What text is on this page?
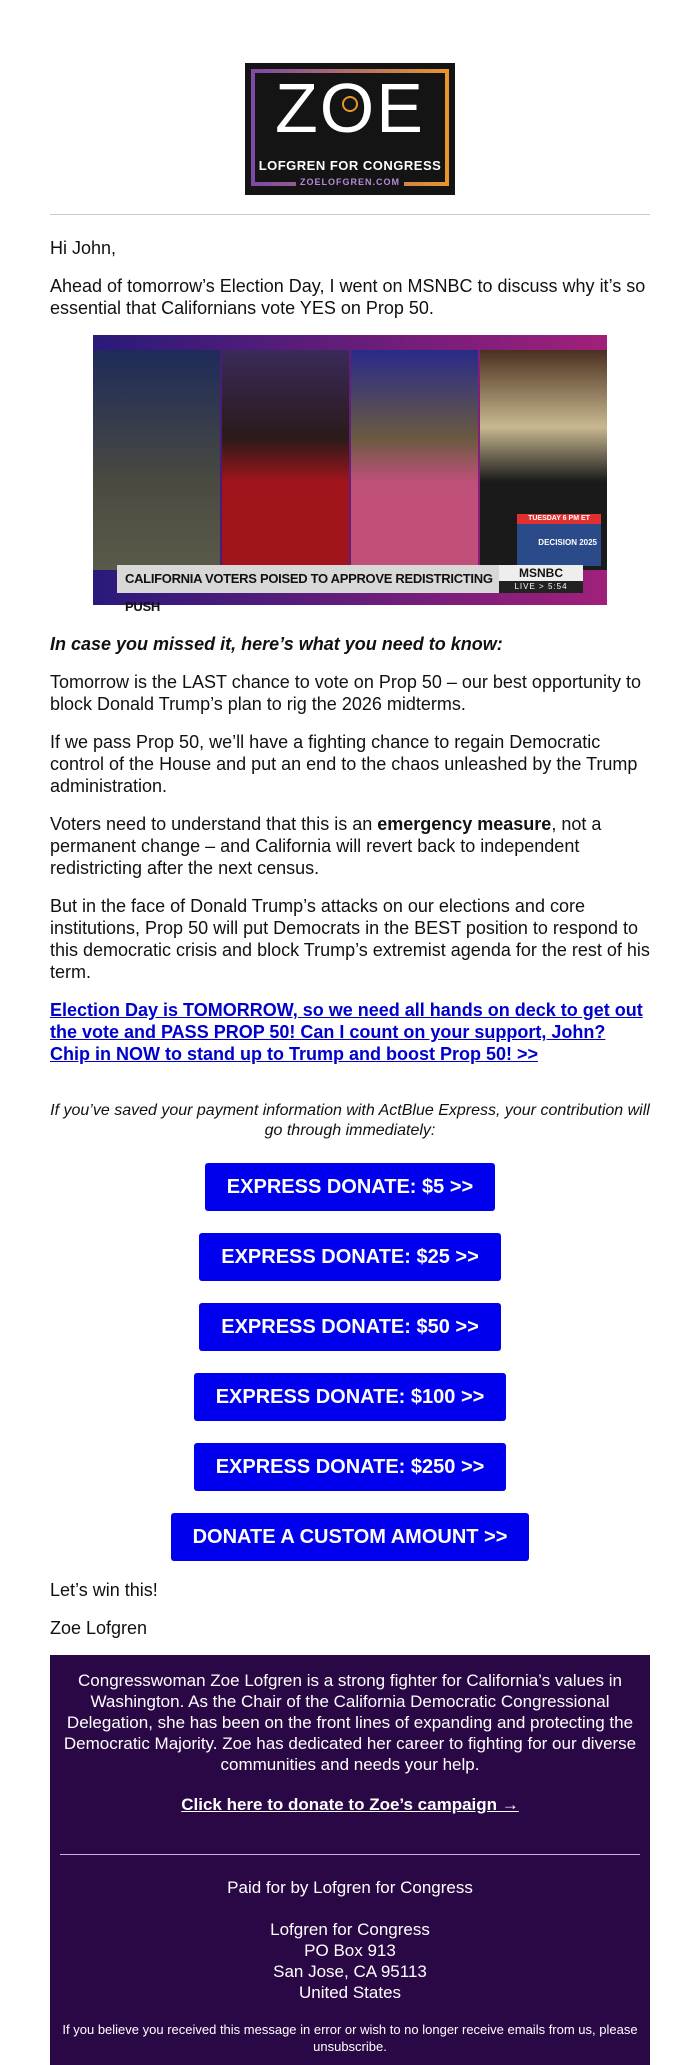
ZOE
LOFGREN FOR CONGRESS
ZOELOFGREN.COM

Hi John,

Ahead of tomorrow’s Election Day, I went on MSNBC to discuss why it’s so essential that Californians vote YES on Prop 50.

TUESDAY 6 PM ET
DECISION 2025
CALIFORNIA VOTERS POISED TO APPROVE REDISTRICTING PUSH
MSNBC
LIVE > 5:54
In case you missed it, here’s what you need to know:

Tomorrow is the LAST chance to vote on Prop 50 – our best opportunity to block Donald Trump’s plan to rig the 2026 midterms.

If we pass Prop 50, we’ll have a fighting chance to regain Democratic control of the House and put an end to the chaos unleashed by the Trump administration.

Voters need to understand that this is an emergency measure, not a permanent change – and California will revert back to independent redistricting after the next census.

But in the face of Donald Trump’s attacks on our elections and core institutions, Prop 50 will put Democrats in the BEST position to respond to this democratic crisis and block Trump’s extremist agenda for the rest of his term.

Election Day is TOMORROW, so we need all hands on deck to get out the vote and PASS PROP 50! Can I count on your support, John? Chip in NOW to stand up to Trump and boost Prop 50! >>
If you’ve saved your payment information with ActBlue Express, your contribution will go through immediately:
EXPRESS DONATE: $5 >>
EXPRESS DONATE: $25 >>
EXPRESS DONATE: $50 >>
EXPRESS DONATE: $100 >>
EXPRESS DONATE: $250 >>
DONATE A CUSTOM AMOUNT >>

Let’s win this!

Zoe Lofgren

Congresswoman Zoe Lofgren is a strong fighter for California’s values in Washington. As the Chair of the California Democratic Congressional Delegation, she has been on the front lines of expanding and protecting the Democratic Majority. Zoe has dedicated her career to fighting for our diverse communities and needs your help.
Click here to donate to Zoe’s campaign →
Paid for by Lofgren for Congress
Lofgren for Congress
PO Box 913
San Jose, CA 95113
United States
If you believe you received this message in error or wish to no longer receive emails from us, please unsubscribe.
